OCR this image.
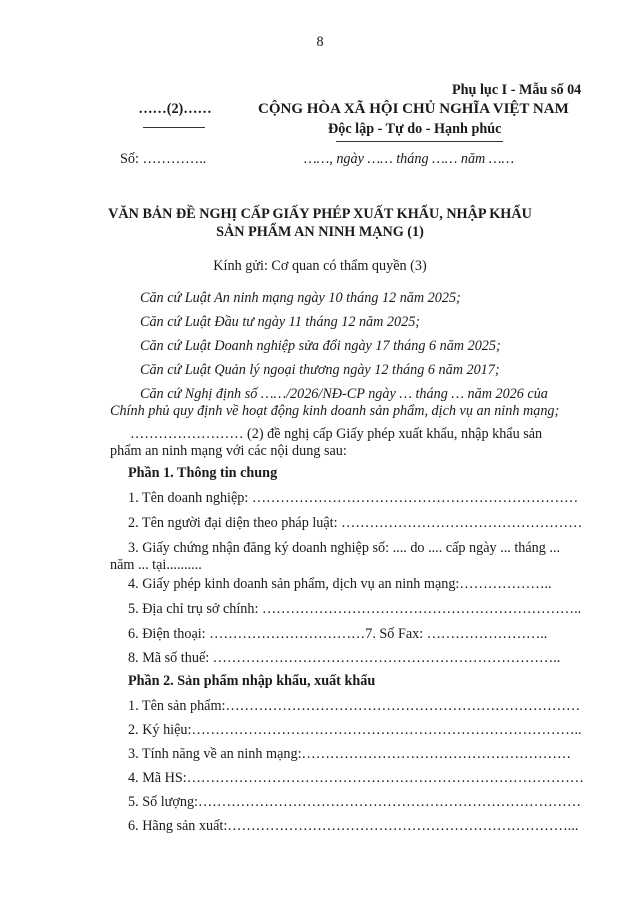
8
Phụ lục I - Mẫu số 04
……(2)……	CỘNG HÒA XÃ HỘI CHỦ NGHĨA VIỆT NAM
Độc lập - Tự do - Hạnh phúc
Số: …………..	……, ngày …… tháng …… năm ……
VĂN BẢN ĐỀ NGHỊ CẤP GIẤY PHÉP XUẤT KHẨU, NHẬP KHẨU
SẢN PHẨM AN NINH MẠNG (1)
Kính gửi: Cơ quan có thẩm quyền (3)
Căn cứ Luật An ninh mạng ngày 10 tháng 12 năm 2025;
Căn cứ Luật Đầu tư ngày 11 tháng 12 năm 2025;
Căn cứ Luật Doanh nghiệp sửa đổi ngày 17 tháng 6 năm 2025;
Căn cứ Luật Quản lý ngoại thương ngày 12 tháng 6 năm 2017;
Căn cứ Nghị định số ……/2026/NĐ-CP ngày … tháng … năm 2026 của
Chính phủ quy định về hoạt động kinh doanh sản phẩm, dịch vụ an ninh mạng;
…………………… (2) đề nghị cấp Giấy phép xuất khẩu, nhập khẩu sản
phẩm an ninh mạng với các nội dung sau:
Phần 1. Thông tin chung
1. Tên doanh nghiệp: ……………………………………………………………
2. Tên người đại diện theo pháp luật: ……………………………………………
3. Giấy chứng nhận đăng ký doanh nghiệp số: .... do .... cấp ngày ... tháng ...
năm ... tại..........
4. Giấy phép kinh doanh sản phẩm, dịch vụ an ninh mạng:………………..
5. Địa chỉ trụ sở chính: …………………………………………………………..
6. Điện thoại: ……………………………7. Số Fax: ……………………..
8. Mã số thuế: ………………………………………………………………..
Phần 2. Sản phẩm nhập khẩu, xuất khẩu
1. Tên sản phẩm:…………………………………………………………………
2. Ký hiệu:………………………………………………………………………..
3. Tính năng về an ninh mạng:…………………………………………………
4. Mã HS:…………………………………………………………………………
5. Số lượng:………………………………………………………………………
6. Hãng sản xuất:………………………………………………………………...
